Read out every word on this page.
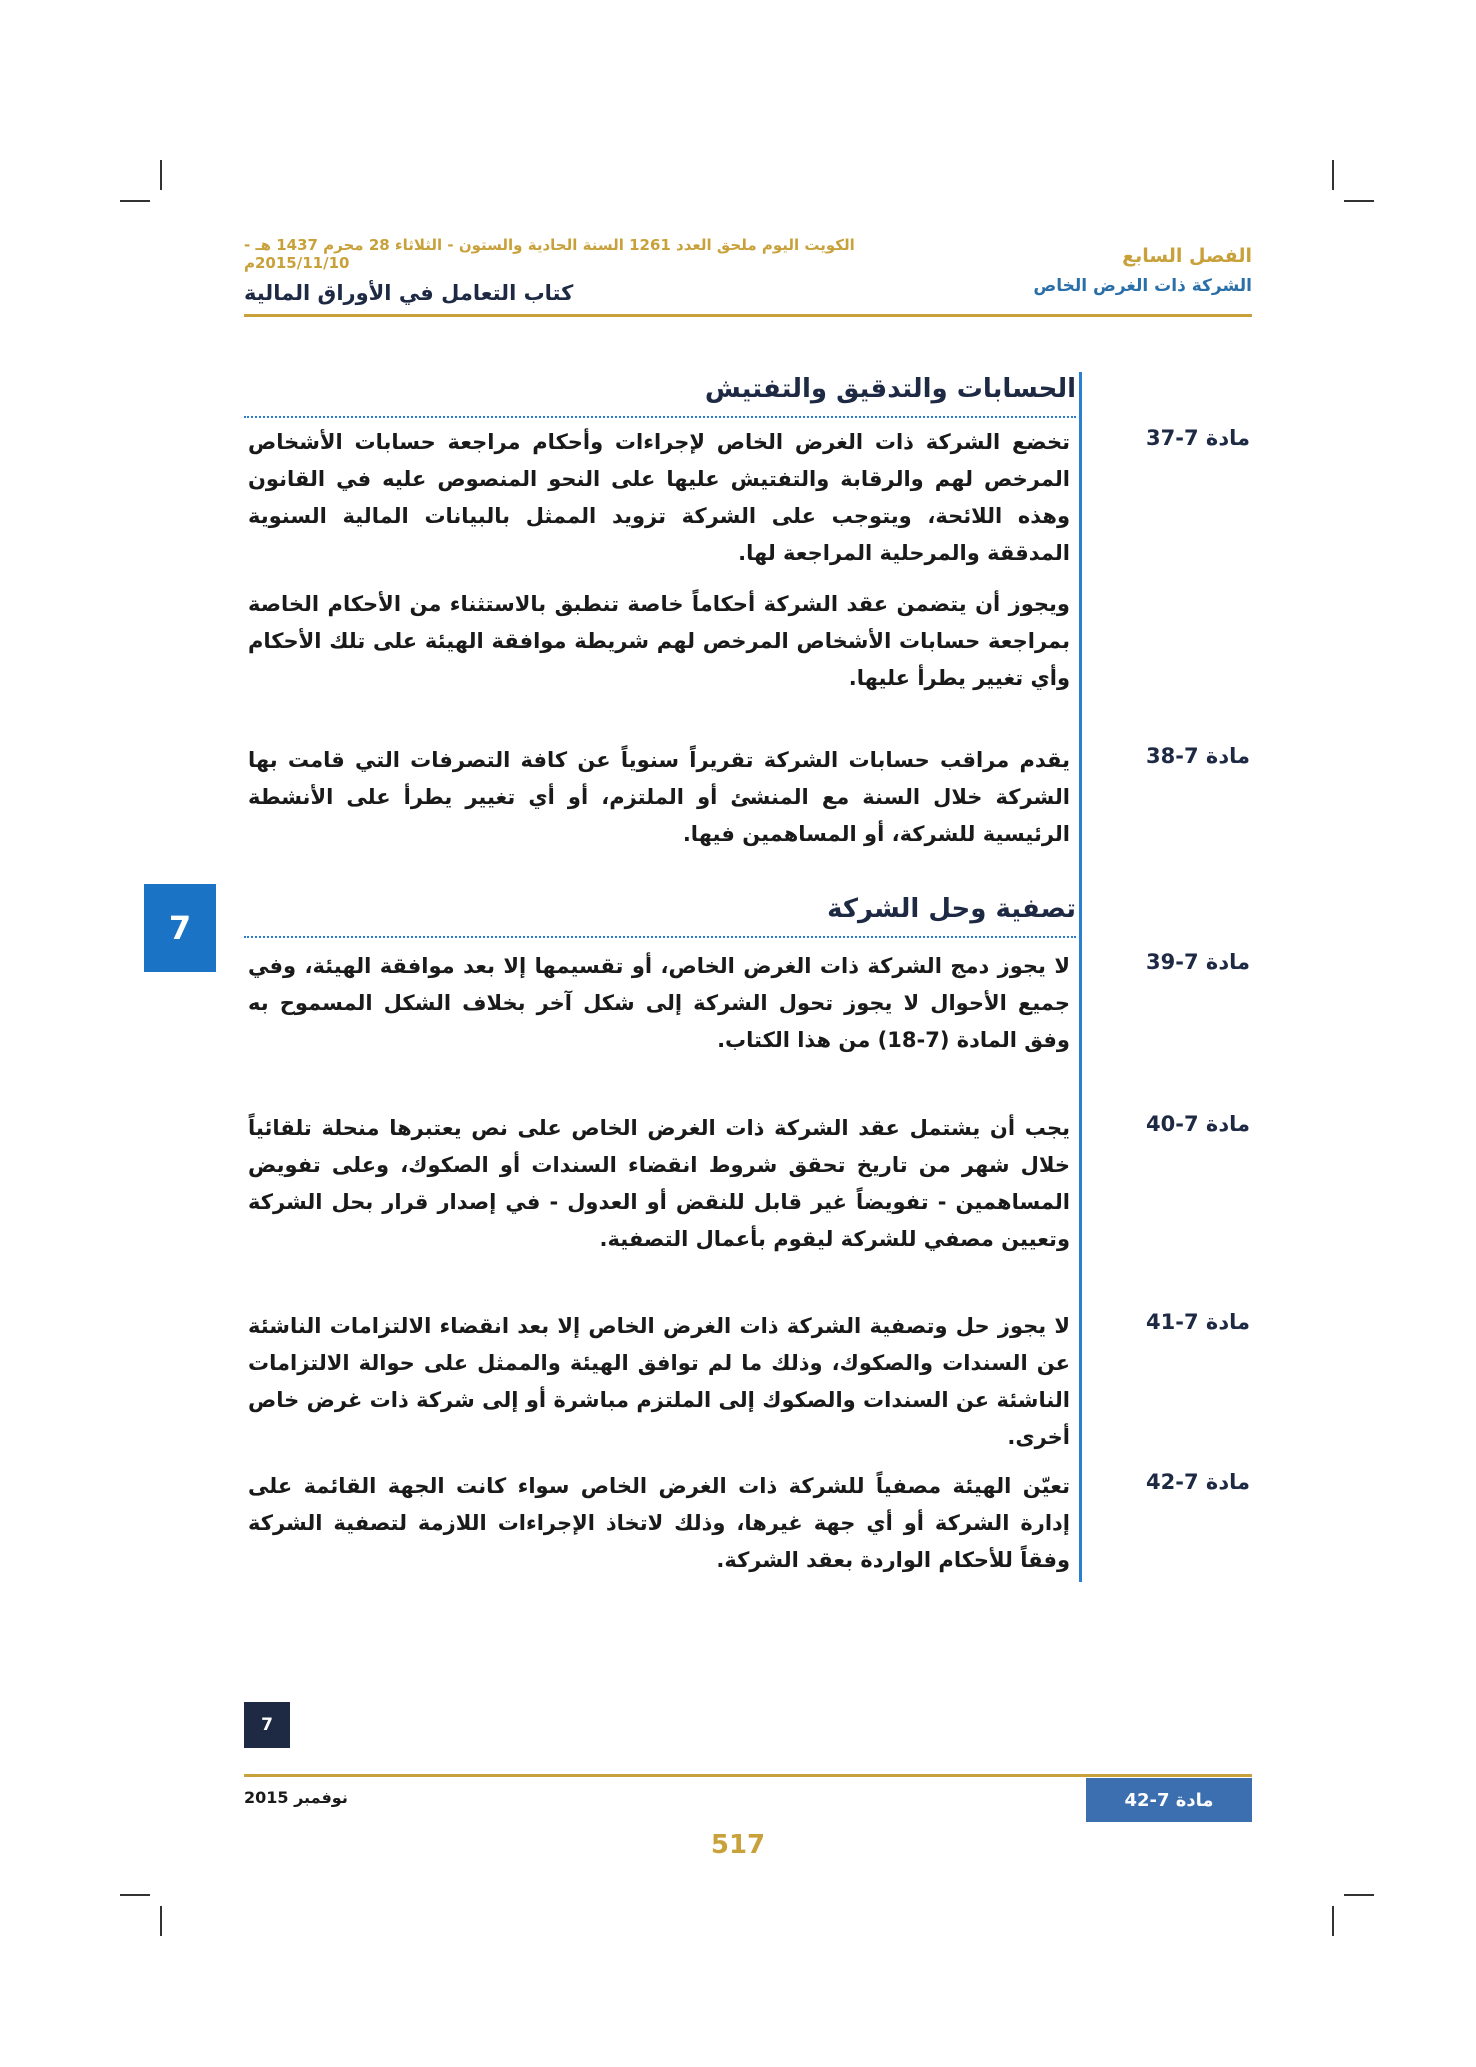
الكويت اليوم ملحق العدد 1261 السنة الحادية والستون - الثلاثاء 28 محرم 1437 هـ - 2015/11/10م	الفصل السابع
الشركة ذات الغرض الخاص
كتاب التعامل في الأوراق المالية
الحسابات والتدقيق والتفتيش
مادة 7-37

تخضع الشركة ذات الغرض الخاص لإجراءات وأحكام مراجعة حسابات الأشخاص المرخص لهم والرقابة والتفتيش عليها على النحو المنصوص عليه في القانون وهذه اللائحة، ويتوجب على الشركة تزويد الممثل بالبيانات المالية السنوية المدققة والمرحلية المراجعة لها.

ويجوز أن يتضمن عقد الشركة أحكاماً خاصة تنطبق بالاستثناء من الأحكام الخاصة بمراجعة حسابات الأشخاص المرخص لهم شريطة موافقة الهيئة على تلك الأحكام وأي تغيير يطرأ عليها.

مادة 7-38

يقدم مراقب حسابات الشركة تقريراً سنوياً عن كافة التصرفات التي قامت بها الشركة خلال السنة مع المنشئ أو الملتزم، أو أي تغيير يطرأ على الأنشطة الرئيسية للشركة، أو المساهمين فيها.

7	تصفية وحل الشركة
مادة 7-39

لا يجوز دمج الشركة ذات الغرض الخاص، أو تقسيمها إلا بعد موافقة الهيئة، وفي جميع الأحوال لا يجوز تحول الشركة إلى شكل آخر بخلاف الشكل المسموح به وفق المادة (7-18) من هذا الكتاب.

مادة 7-40

يجب أن يشتمل عقد الشركة ذات الغرض الخاص على نص يعتبرها منحلة تلقائياً خلال شهر من تاريخ تحقق شروط انقضاء السندات أو الصكوك، وعلى تفويض المساهمين - تفويضاً غير قابل للنقض أو العدول - في إصدار قرار بحل الشركة وتعيين مصفي للشركة ليقوم بأعمال التصفية.

مادة 7-41

لا يجوز حل وتصفية الشركة ذات الغرض الخاص إلا بعد انقضاء الالتزامات الناشئة عن السندات والصكوك، وذلك ما لم توافق الهيئة والممثل على حوالة الالتزامات الناشئة عن السندات والصكوك إلى الملتزم مباشرة أو إلى شركة ذات غرض خاص أخرى.

مادة 7-42

تعيّن الهيئة مصفياً للشركة ذات الغرض الخاص سواء كانت الجهة القائمة على إدارة الشركة أو أي جهة غيرها، وذلك لاتخاذ الإجراءات اللازمة لتصفية الشركة وفقاً للأحكام الواردة بعقد الشركة.

7
نوفمبر 2015	مادة 7-42
517
